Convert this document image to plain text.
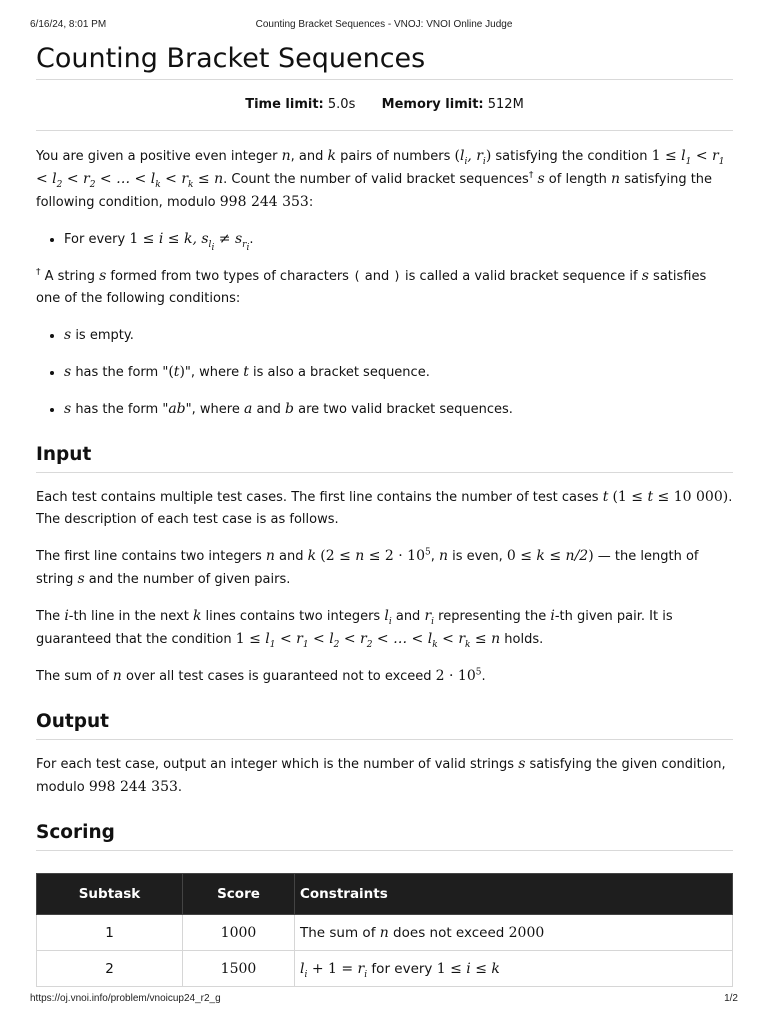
6/16/24, 8:01 PM	Counting Bracket Sequences - VNOJ: VNOI Online Judge
Counting Bracket Sequences
Time limit: 5.0s Memory limit: 512M

You are given a positive even integer n, and k pairs of numbers ($l_i$, $r_i$) satisfying the condition $1 \le l_1 < r_1 < l_2 < r_2$ < … < $l_k < r_k \le n$. Count the number of valid bracket sequences† s of length n satisfying the following condition, modulo 998 244 353:

• For every 1 ≤ i ≤ k, $s_{l_i} \ne s_{r_i}$.

† A string s formed from two types of characters ( and ) is called a valid bracket sequence if s satisfies one of the following conditions:

• s is empty.
• s has the form "(t)", where t is also a bracket sequence.
• s has the form "ab", where a and b are two valid bracket sequences.
Input

Each test contains multiple test cases. The first line contains the number of test cases t (1 ≤ t ≤ 10 000). The description of each test case is as follows.

The first line contains two integers n and k ($2 \le n \le 2 \cdot 10^5$, n is even, 0 ≤ k ≤ n/2) — the length of string s and the number of given pairs.

The i-th line in the next k lines contains two integers $l_i$ and $r_i$ representing the i-th given pair. It is guaranteed that the condition $1 \le l_1 < r_1 < l_2 < r_2$ < … < $l_k < r_k \le n$ holds.

The sum of n over all test cases is guaranteed not to exceed $2 \cdot 10^5$.

Output

For each test case, output an integer which is the number of valid strings s satisfying the given condition, modulo 998 244 353.

Scoring
Subtask	Score	Constraints
1	1000	The sum of n does not exceed 2000
2	1500	$l_i + 1 = r_i$ for every 1 ≤ i ≤ k
https://oj.vnoi.info/problem/vnoicup24_r2_g	1/2
